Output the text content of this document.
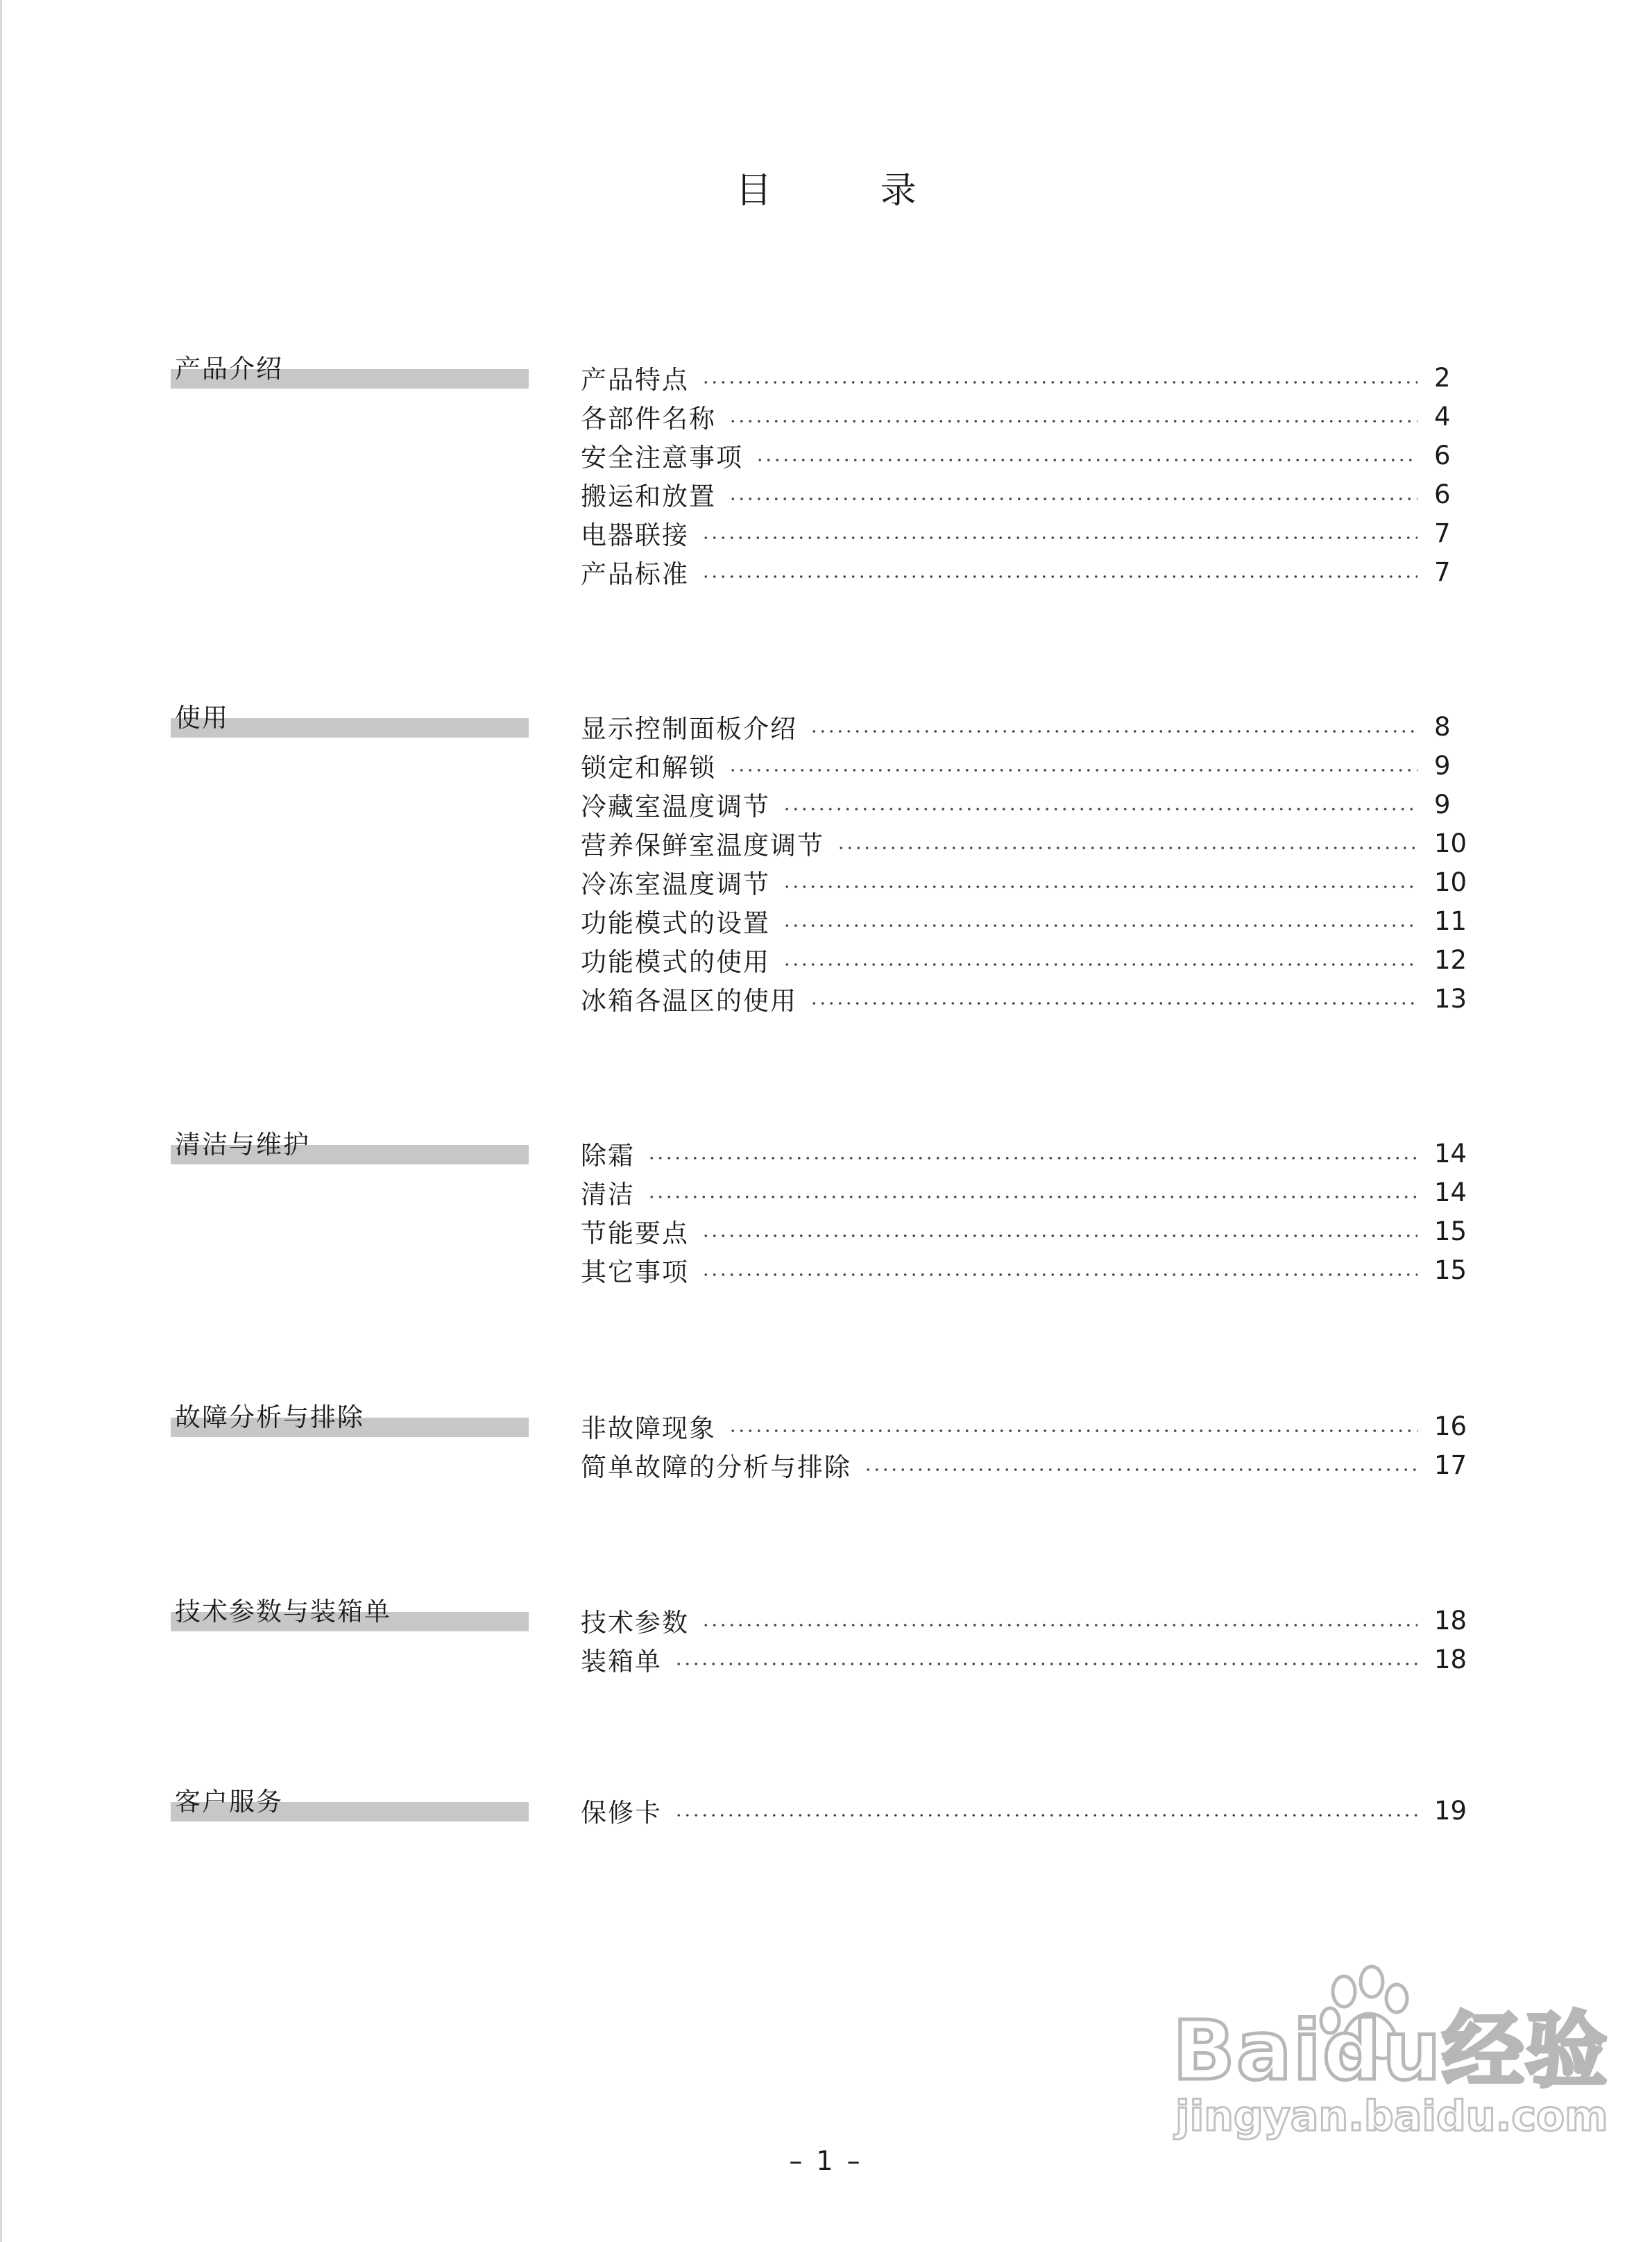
目 录
产品介绍	产品特点	2
各部件名称	4
安全注意事项	6
搬运和放置	6
电器联接	7
产品标准	7
使用	显示控制面板介绍	8
锁定和解锁	9
冷藏室温度调节	9
营养保鲜室温度调节	10
冷冻室温度调节	10
功能模式的设置	11
功能模式的使用	12
冰箱各温区的使用	13
清洁与维护	除霜	14
清洁	14
节能要点	15
其它事项	15
故障分析与排除	非故障现象	16
简单故障的分析与排除	17
技术参数与装箱单	技术参数	18
装箱单	18
客户服务	保修卡	19
Baidu经验
jingyan.baidu.com
– 1 –
